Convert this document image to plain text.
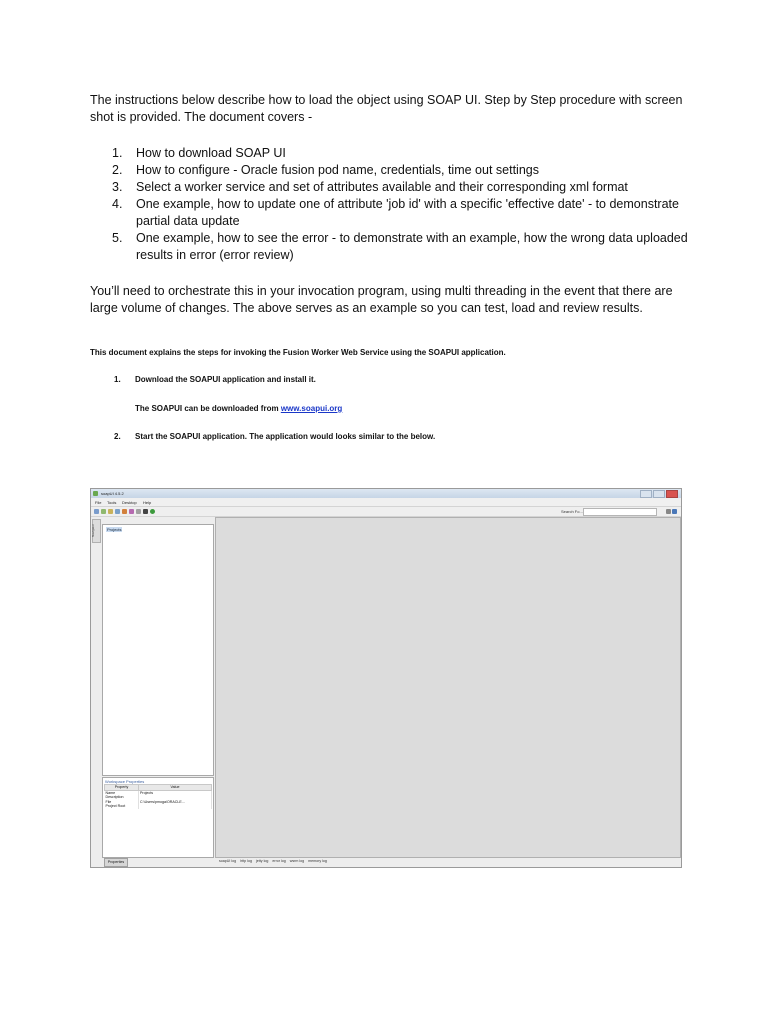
The instructions below describe how to load the object using SOAP UI. Step by Step procedure with screen shot is provided. The document covers -

1. How to download SOAP UI
2. How to configure - Oracle fusion pod name, credentials, time out settings
3. Select a worker service and set of attributes available and their corresponding xml format
4. One example, how to update one of attribute 'job id' with a specific 'effective date' - to demonstrate partial data update
5. One example, how to see the error - to demonstrate with an example, how the wrong data uploaded results in error (error review)

You’ll need to orchestrate this in your invocation program, using multi threading in the event that there are large volume of changes. The above serves as an example so you can test, load and review results.

This document explains the steps for invoking the Fusion Worker Web Service using the SOAPUI application.
1. Download the SOAPUI application and install it.
The SOAPUI can be downloaded from www.soapui.org
2. Start the SOAPUI application. The application would looks similar to the below.
soapUI 4.5.2
File Tools Desktop Help
Search Fo...
Navigator	Projects
Workspace Properties
Property	Value
Name	Projects
Description	
File	C:\Users\pmoga\ORACLE...
Project Root	
Properties	soapUI log http log jetty log error log wsrm log memory log
